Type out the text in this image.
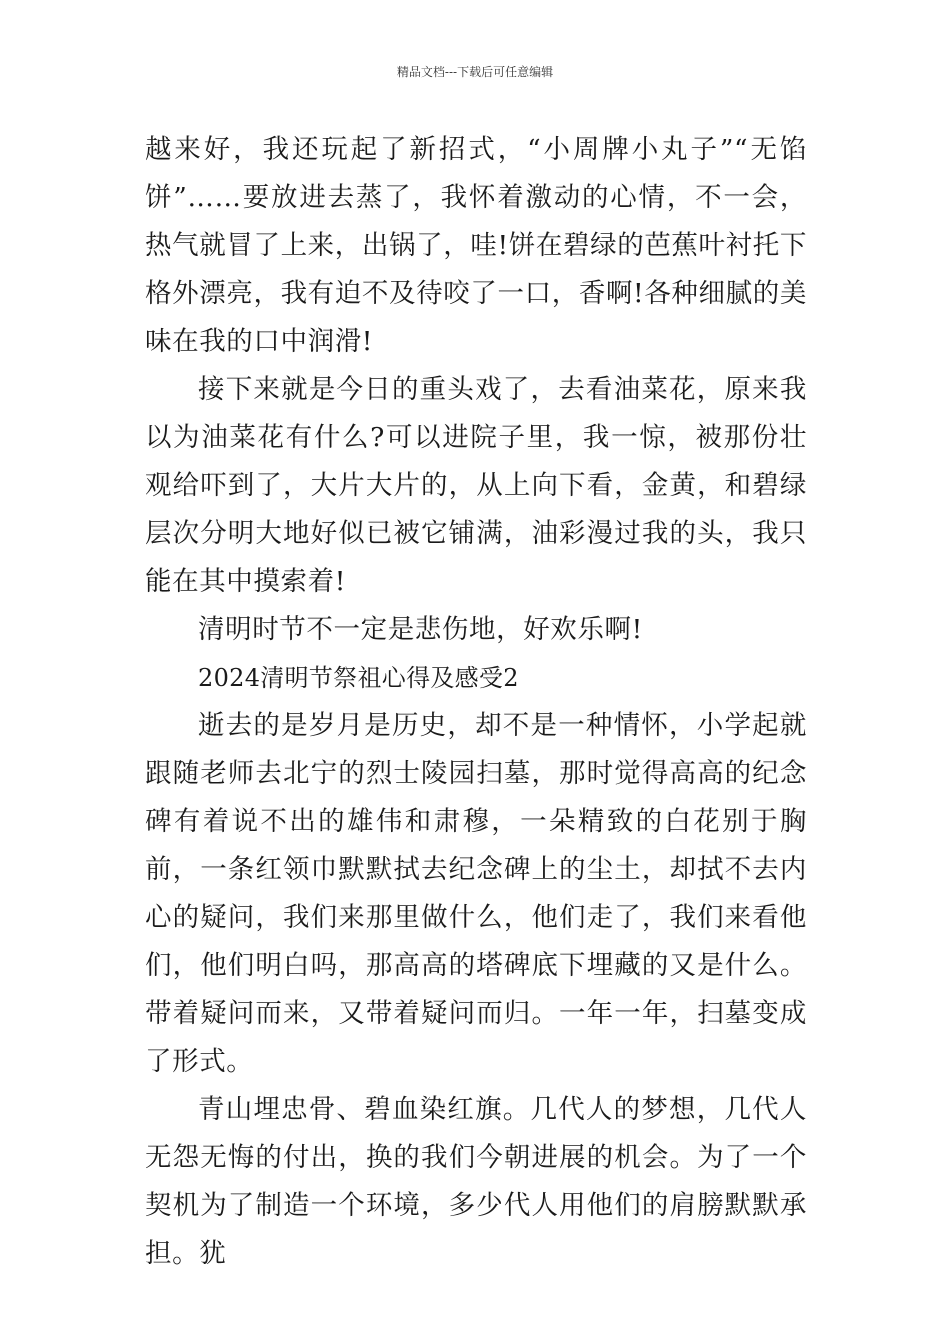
精品文档---下载后可任意编辑

越来好，我还玩起了新招式，“小周牌小丸子”“无馅饼”……要放进去蒸了，我怀着激动的心情，不一会，热气就冒了上来，出锅了，哇!饼在碧绿的芭蕉叶衬托下格外漂亮，我有迫不及待咬了一口，香啊!各种细腻的美味在我的口中润滑!

接下来就是今日的重头戏了，去看油菜花，原来我以为油菜花有什么?可以进院子里，我一惊，被那份壮观给吓到了，大片大片的，从上向下看，金黄，和碧绿层次分明大地好似已被它铺满，油彩漫过我的头，我只能在其中摸索着!

清明时节不一定是悲伤地，好欢乐啊!

2024清明节祭祖心得及感受2

逝去的是岁月是历史，却不是一种情怀，小学起就跟随老师去北宁的烈士陵园扫墓，那时觉得高高的纪念碑有着说不出的雄伟和肃穆，一朵精致的白花别于胸前，一条红领巾默默拭去纪念碑上的尘土，却拭不去内心的疑问，我们来那里做什么，他们走了，我们来看他们，他们明白吗，那高高的塔碑底下埋藏的又是什么。带着疑问而来，又带着疑问而归。一年一年，扫墓变成了形式。

青山埋忠骨、碧血染红旗。几代人的梦想，几代人无怨无悔的付出，换的我们今朝进展的机会。为了一个契机为了制造一个环境，多少代人用他们的肩膀默默承担。犹
